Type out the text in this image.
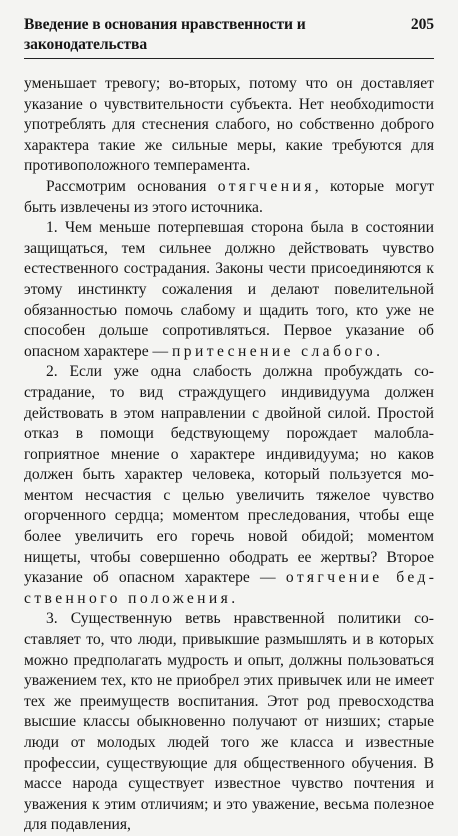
Введение в основания нравственности и законодательства
205

уменьшает тревогу; во-вторых, потому что он доставляет указание о чувствительности субъекта. Нет необходиmости употреблять для стеснения слабого, но собственно доброго характера такие же сильные меры, какие требуются для противоположного темперамента.

Рассмотрим основания отягчения, которые могут быть извлечены из этого источника.

1. Чем меньше потерпевшая сторона была в состоянии защищаться, тем сильнее должно действовать чувство естественного сострадания. Законы чести присоединяются к этому инстинкту сожаления и делают повелительной обязанностью помочь слабому и щадить того, кто уже не способен дольше сопротивляться. Первое указание об опасном характере — притеснение слабого.

2. Если уже одна слабость должна пробуждать сострадание, то вид страждущего индивидуума должен действовать в этом направлении с двойной силой. Простой отказ в помощи бедствующему порождает малоблагоприятное мнение о характере индивидуума; но каков должен быть характер человека, который пользуется моментом несчастия с целью увеличить тяжелое чувство огорченного сердца; моментом преследования, чтобы еще более увеличить его горечь новой обидой; моментом нищеты, чтобы совершенно ободрать ее жертвы? Второе указание об опасном характере — отягчение бедственного положения.

3. Существенную ветвь нравственной политики составляет то, что люди, привыкшие размышлять и в которых можно предполагать мудрость и опыт, должны пользоваться уважением тех, кто не приобрел этих привычек или не имеет тех же преимуществ воспитания. Этот род превосходства высшие классы обыкновенно получают от низших; старые люди от молодых людей того же класса и известные профессии, существующие для общественного обучения. В массе народа существует известное чувство почтения и уважения к этим отличиям; и это уважение, весьма полезное для подавления,
